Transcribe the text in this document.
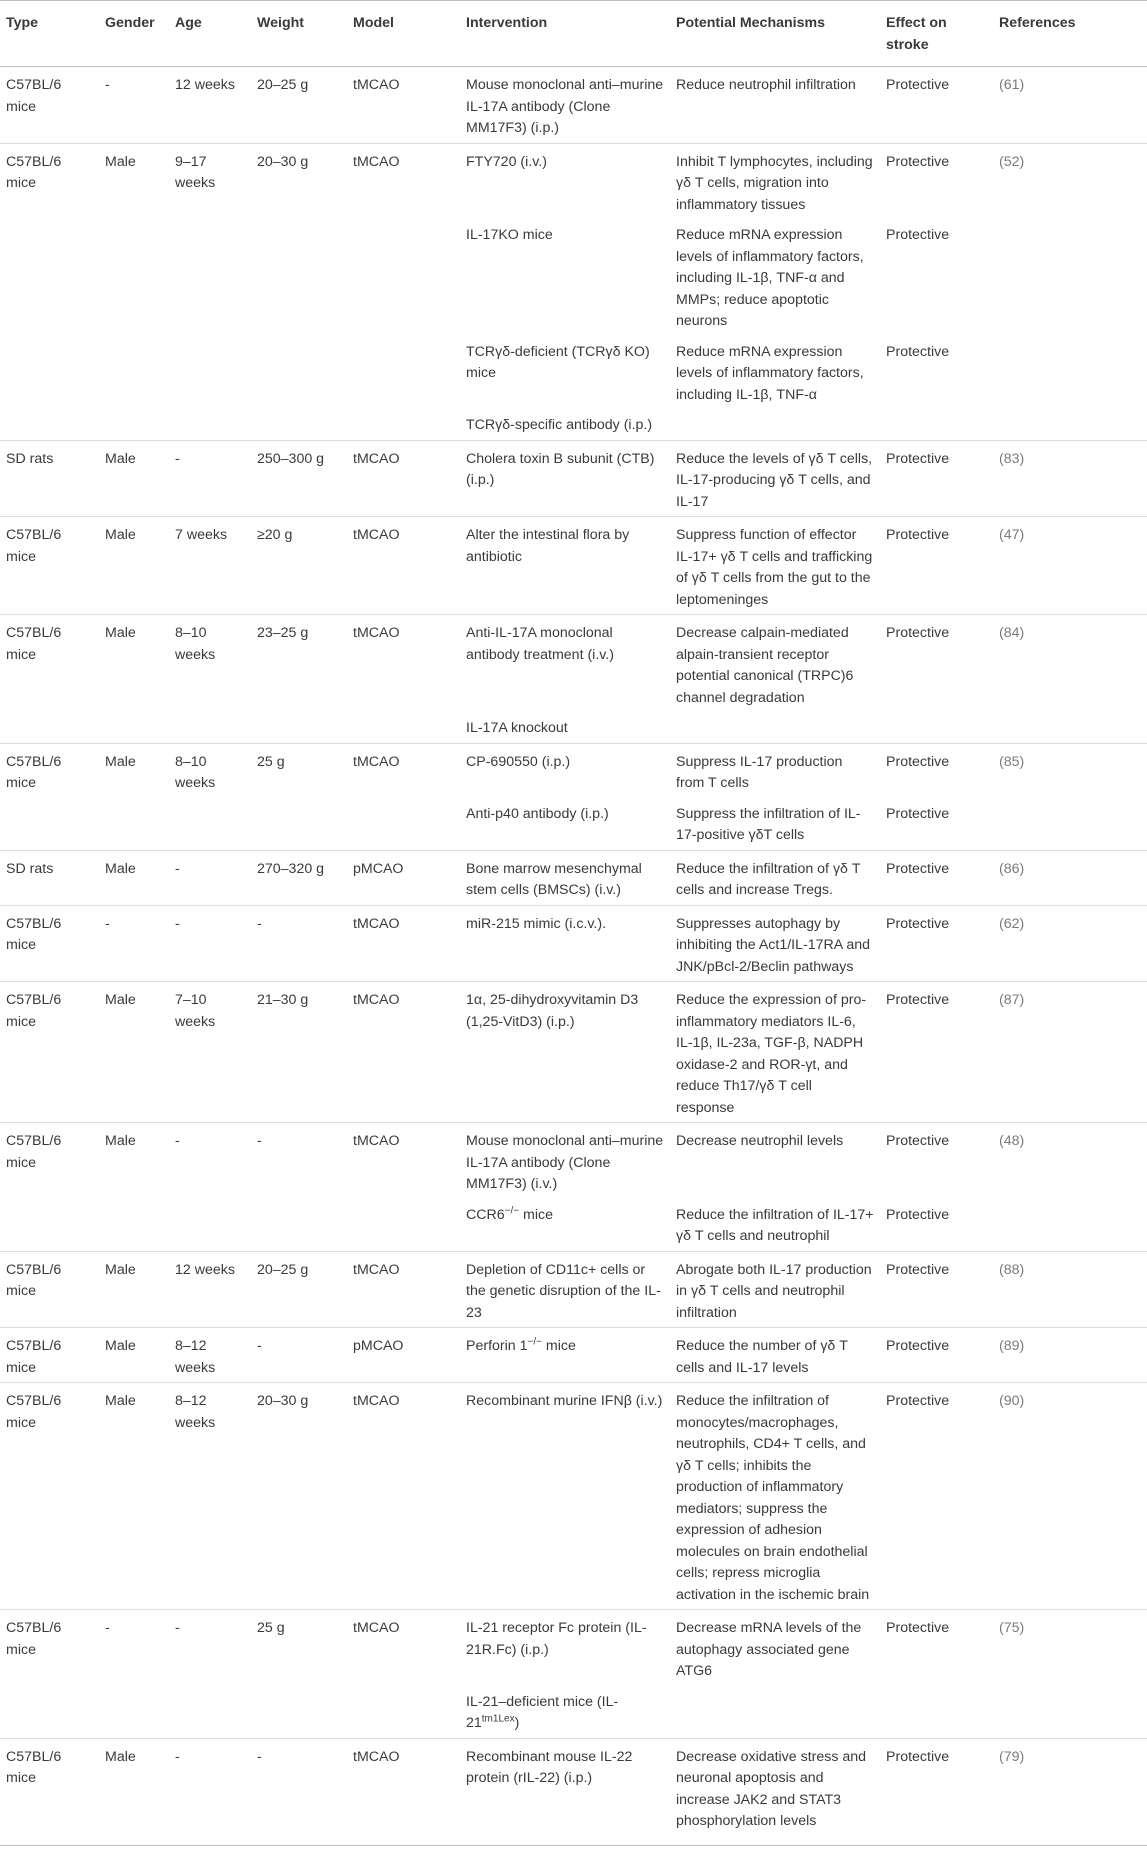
Type	Gender	Age	Weight	Model	Intervention	Potential Mechanisms	Effect on stroke	References
C57BL/6 mice	-	12 weeks	20–25 g	tMCAO	Mouse monoclonal anti–murine IL-17A antibody (Clone MM17F3) (i.p.)	Reduce neutrophil infiltration	Protective	(61)
C57BL/6 mice	Male	9–17 weeks	20–30 g	tMCAO	FTY720 (i.v.)	Inhibit T lymphocytes, including γδ T cells, migration into inflammatory tissues	Protective	(52)
					IL-17KO mice	Reduce mRNA expression levels of inflammatory factors, including IL-1β, TNF-α and MMPs; reduce apoptotic neurons	Protective	
					TCRγδ-deficient (TCRγδ KO) mice	Reduce mRNA expression levels of inflammatory factors, including IL-1β, TNF-α	Protective	
					TCRγδ-specific antibody (i.p.)			
SD rats	Male	-	250–300 g	tMCAO	Cholera toxin B subunit (CTB) (i.p.)	Reduce the levels of γδ T cells, IL-17-producing γδ T cells, and IL-17	Protective	(83)
C57BL/6 mice	Male	7 weeks	≥20 g	tMCAO	Alter the intestinal flora by antibiotic	Suppress function of effector IL-17+ γδ T cells and trafficking of γδ T cells from the gut to the leptomeninges	Protective	(47)
C57BL/6 mice	Male	8–10 weeks	23–25 g	tMCAO	Anti-IL-17A monoclonal antibody treatment (i.v.)	Decrease calpain-mediated alpain-transient receptor potential canonical (TRPC)6 channel degradation	Protective	(84)
					IL-17A knockout			
C57BL/6 mice	Male	8–10 weeks	25 g	tMCAO	CP-690550 (i.p.)	Suppress IL-17 production from T cells	Protective	(85)
					Anti-p40 antibody (i.p.)	Suppress the infiltration of IL-17-positive γδT cells	Protective	
SD rats	Male	-	270–320 g	pMCAO	Bone marrow mesenchymal stem cells (BMSCs) (i.v.)	Reduce the infiltration of γδ T cells and increase Tregs.	Protective	(86)
C57BL/6 mice	-	-	-	tMCAO	miR-215 mimic (i.c.v.).	Suppresses autophagy by inhibiting the Act1/IL-17RA and JNK/pBcl-2/Beclin pathways	Protective	(62)
C57BL/6 mice	Male	7–10 weeks	21–30 g	tMCAO	1α, 25-dihydroxyvitamin D3 (1,25-VitD3) (i.p.)	Reduce the expression of pro-inflammatory mediators IL-6, IL-1β, IL-23a, TGF-β, NADPH oxidase-2 and ROR-γt, and reduce Th17/γδ T cell response	Protective	(87)
C57BL/6 mice	Male	-	-	tMCAO	Mouse monoclonal anti–murine IL-17A antibody (Clone MM17F3) (i.v.)	Decrease neutrophil levels	Protective	(48)
					CCR6−/− mice	Reduce the infiltration of IL-17+ γδ T cells and neutrophil	Protective	
C57BL/6 mice	Male	12 weeks	20–25 g	tMCAO	Depletion of CD11c+ cells or the genetic disruption of the IL-23	Abrogate both IL-17 production in γδ T cells and neutrophil infiltration	Protective	(88)
C57BL/6 mice	Male	8–12 weeks	-	pMCAO	Perforin 1−/− mice	Reduce the number of γδ T cells and IL-17 levels	Protective	(89)
C57BL/6 mice	Male	8–12 weeks	20–30 g	tMCAO	Recombinant murine IFNβ (i.v.)	Reduce the infiltration of monocytes/macrophages, neutrophils, CD4+ T cells, and γδ T cells; inhibits the production of inflammatory mediators; suppress the expression of adhesion molecules on brain endothelial cells; repress microglia activation in the ischemic brain	Protective	(90)
C57BL/6 mice	-	-	25 g	tMCAO	IL-21 receptor Fc protein (IL-21R.Fc) (i.p.)	Decrease mRNA levels of the autophagy associated gene ATG6	Protective	(75)
					IL-21–deficient mice $(IL-21^{tm1Lex})$			
C57BL/6 mice	Male	-	-	tMCAO	Recombinant mouse IL-22 protein (rIL-22) (i.p.)	Decrease oxidative stress and neuronal apoptosis and increase JAK2 and STAT3 phosphorylation levels	Protective	(79)
